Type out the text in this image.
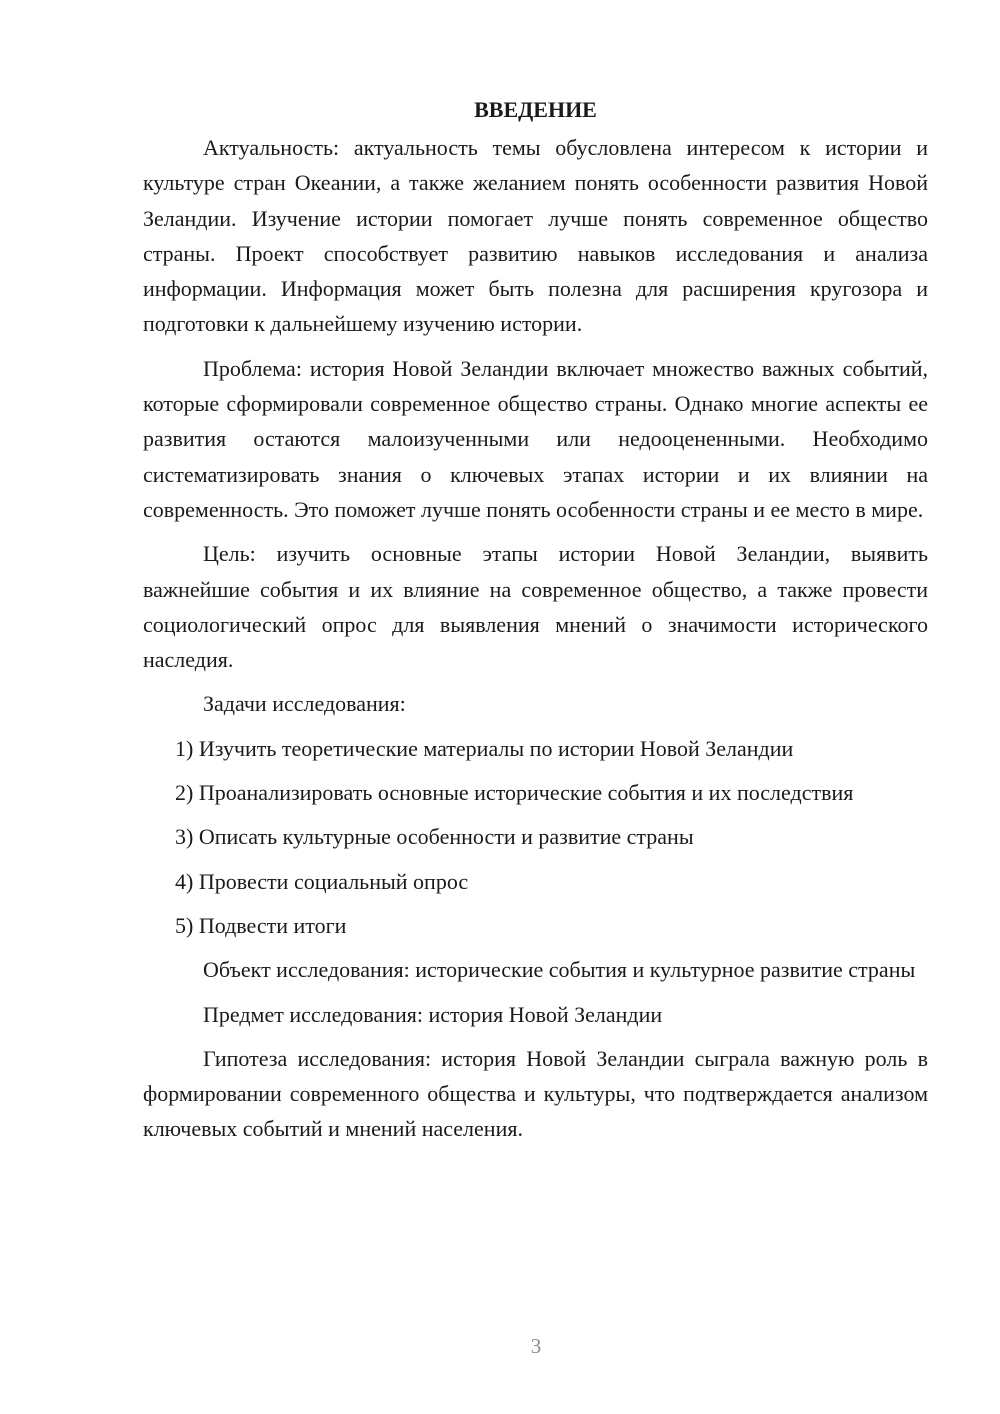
ВВЕДЕНИЕ

Актуальность: актуальность темы обусловлена интересом к истории и культуре стран Океании, а также желанием понять особенности развития Новой Зеландии. Изучение истории помогает лучше понять современное общество страны. Проект способствует развитию навыков исследования и анализа информации. Информация может быть полезна для расширения кругозора и подготовки к дальнейшему изучению истории.

Проблема: история Новой Зеландии включает множество важных событий, которые сформировали современное общество страны. Однако многие аспекты ее развития остаются малоизученными или недооцененными. Необходимо систематизировать знания о ключевых этапах истории и их влиянии на современность. Это поможет лучше понять особенности страны и ее место в мире.

Цель: изучить основные этапы истории Новой Зеландии, выявить важнейшие события и их влияние на современное общество, а также провести социологический опрос для выявления мнений о значимости исторического наследия.

Задачи исследования:

1) Изучить теоретические материалы по истории Новой Зеландии

2) Проанализировать основные исторические события и их последствия

3) Описать культурные особенности и развитие страны

4) Провести социальный опрос

5) Подвести итоги

Объект исследования: исторические события и культурное развитие страны

Предмет исследования: история Новой Зеландии

Гипотеза исследования: история Новой Зеландии сыграла важную роль в формировании современного общества и культуры, что подтверждается анализом ключевых событий и мнений населения.

3
